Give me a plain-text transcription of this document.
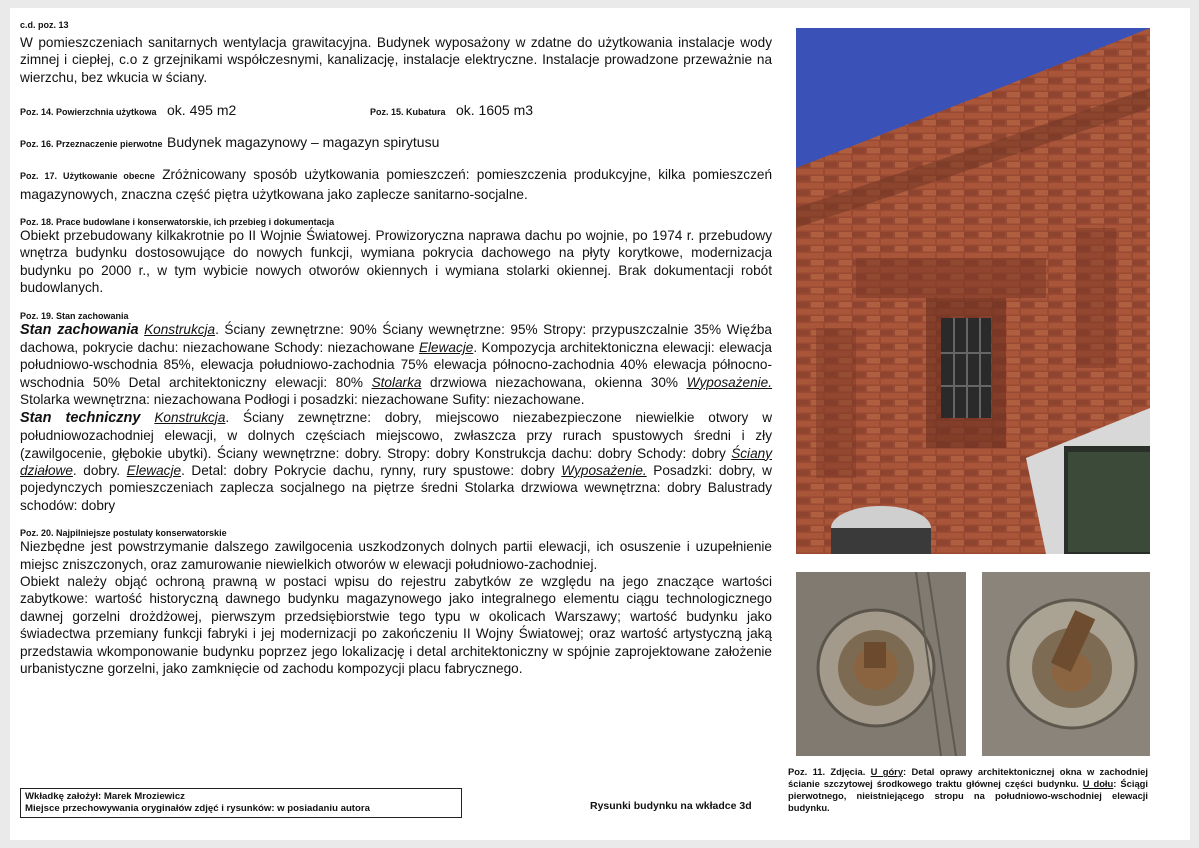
c.d. poz. 13
W pomieszczeniach sanitarnych wentylacja grawitacyjna. Budynek wyposażony w zdatne do użytkowania instalacje wody zimnej i ciepłej, c.o z grzejnikami współczesnymi, kanalizację, instalacje elektryczne. Instalacje prowadzone przeważnie na wierzchu, bez wkucia w ściany.
Poz. 14. Powierzchnia użytkowa ok. 495 m2	Poz. 15. Kubatura ok. 1605 m3
Poz. 16. Przeznaczenie pierwotne Budynek magazynowy – magazyn spirytusu
Poz. 17. Użytkowanie obecne Zróżnicowany sposób użytkowania pomieszczeń: pomieszczenia produkcyjne, kilka pomieszczeń magazynowych, znaczna część piętra użytkowana jako zaplecze sanitarno-socjalne.
Poz. 18. Prace budowlane i konserwatorskie, ich przebieg i dokumentacja
Obiekt przebudowany kilkakrotnie po II Wojnie Światowej. Prowizoryczna naprawa dachu po wojnie, po 1974 r. przebudowy wnętrza budynku dostosowujące do nowych funkcji, wymiana pokrycia dachowego na płyty korytkowe, modernizacja budynku po 2000 r., w tym wybicie nowych otworów okiennych i wymiana stolarki okiennej. Brak dokumentacji robót budowlanych.
Poz. 19. Stan zachowania
Stan zachowania Konstrukcja. Ściany zewnętrzne: 90% Ściany wewnętrzne: 95% Stropy: przypuszczalnie 35% Więźba dachowa, pokrycie dachu: niezachowane Schody: niezachowane Elewacje. Kompozycja architektoniczna elewacji: elewacja południowo-wschodnia 85%, elewacja południowo-zachodnia 75% elewacja północno-zachodnia 40% elewacja północno-wschodnia 50% Detal architektoniczny elewacji: 80% Stolarka drzwiowa niezachowana, okienna 30% Wyposażenie. Stolarka wewnętrzna: niezachowana Podłogi i posadzki: niezachowane Sufity: niezachowane.
Stan techniczny Konstrukcja. Ściany zewnętrzne: dobry, miejscowo niezabezpieczone niewielkie otwory w południowozachodniej elewacji, w dolnych częściach miejscowo, zwłaszcza przy rurach spustowych średni i zły (zawilgocenie, głębokie ubytki). Ściany wewnętrzne: dobry. Stropy: dobry Konstrukcja dachu: dobry Schody: dobry Ściany działowe. dobry. Elewacje. Detal: dobry Pokrycie dachu, rynny, rury spustowe: dobry Wyposażenie. Posadzki: dobry, w pojedynczych pomieszczeniach zaplecza socjalnego na piętrze średni Stolarka drzwiowa wewnętrzna: dobry Balustrady schodów: dobry
Poz. 20. Najpilniejsze postulaty konserwatorskie
Niezbędne jest powstrzymanie dalszego zawilgocenia uszkodzonych dolnych partii elewacji, ich osuszenie i uzupełnienie miejsc zniszczonych, oraz zamurowanie niewielkich otworów w elewacji południowo-zachodniej.
Obiekt należy objąć ochroną prawną w postaci wpisu do rejestru zabytków ze względu na jego znaczące wartości zabytkowe: wartość historyczną dawnego budynku magazynowego jako integralnego elementu ciągu technologicznego dawnej gorzelni drożdżowej, pierwszym przedsiębiorstwie tego typu w okolicach Warszawy; wartość budynku jako świadectwa przemiany funkcji fabryki i jej modernizacji po zakończeniu II Wojny Światowej; oraz wartość artystyczną jaką przedstawia wkomponowanie budynku poprzez jego lokalizację i detal architektoniczny w spójnie zaprojektowane założenie urbanistyczne gorzelni, jako zamknięcie od zachodu kompozycji placu fabrycznego.
Wkładkę założył: Marek Mroziewicz
Miejsce przechowywania oryginałów zdjęć i rysunków: w posiadaniu autora	Rysunki budynku na wkładce 3d
Poz. 11. Zdjęcia. U góry: Detal oprawy architektonicznej okna w zachodniej ścianie szczytowej środkowego traktu głównej części budynku. U dołu: Ściągi pierwotnego, nieistniejącego stropu na południowo-wschodniej elewacji budynku.
